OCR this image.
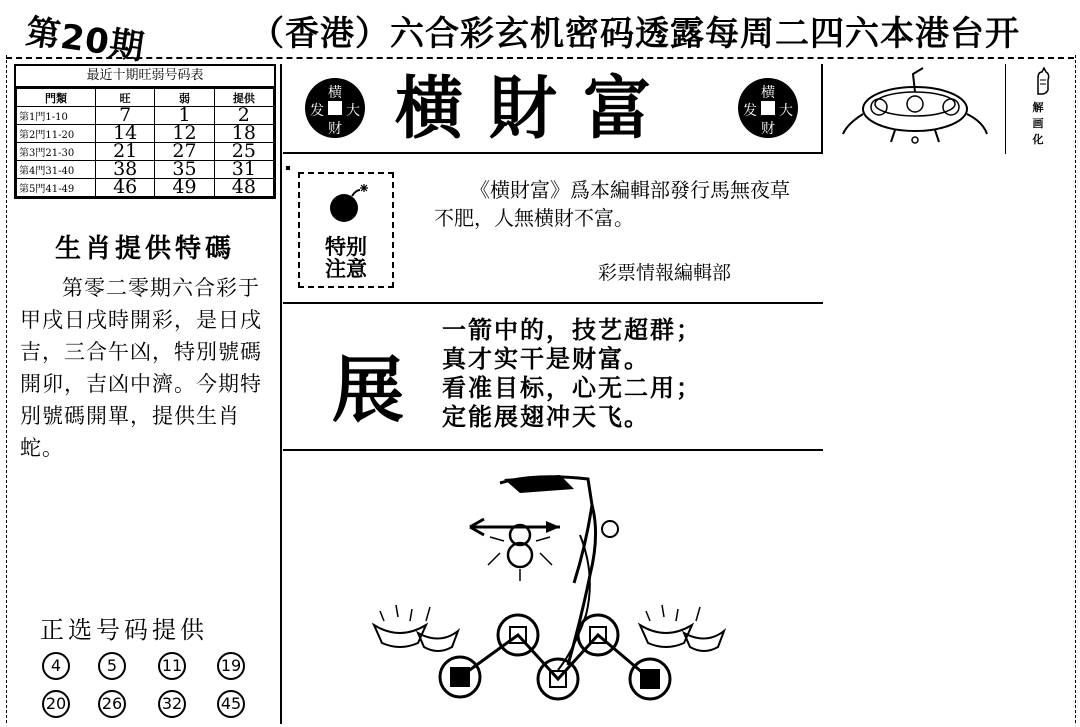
第20期	（香港）六合彩玄机密码透露每周二四六本港台开
最近十期旺弱号码表
門類	旺	弱	提供
第1門1-10	7	1	2
第2門11-20	14	12	18
第3門21-30	21	27	25
第4門31-40	38	35	31
第5門41-49	46	49	48
生肖提供特碼
第零二零期六合彩于甲戌日戌時開彩，是日戌吉，三合午凶，特別號碼開卯，吉凶中濟。今期特別號碼開單，提供生肖蛇。
正选号码提供
4	5	11 19
20 26 32 45
横
发 大
财 横財富	横
发 大
财
解画化
特别
注意
《横財富》爲本編輯部發行馬無夜草不肥，人無横財不富。
彩票情報編輯部
展
一箭中的，技艺超群；
真才实干是财富。
看准目标，心无二用；
定能展翅冲天飞。
